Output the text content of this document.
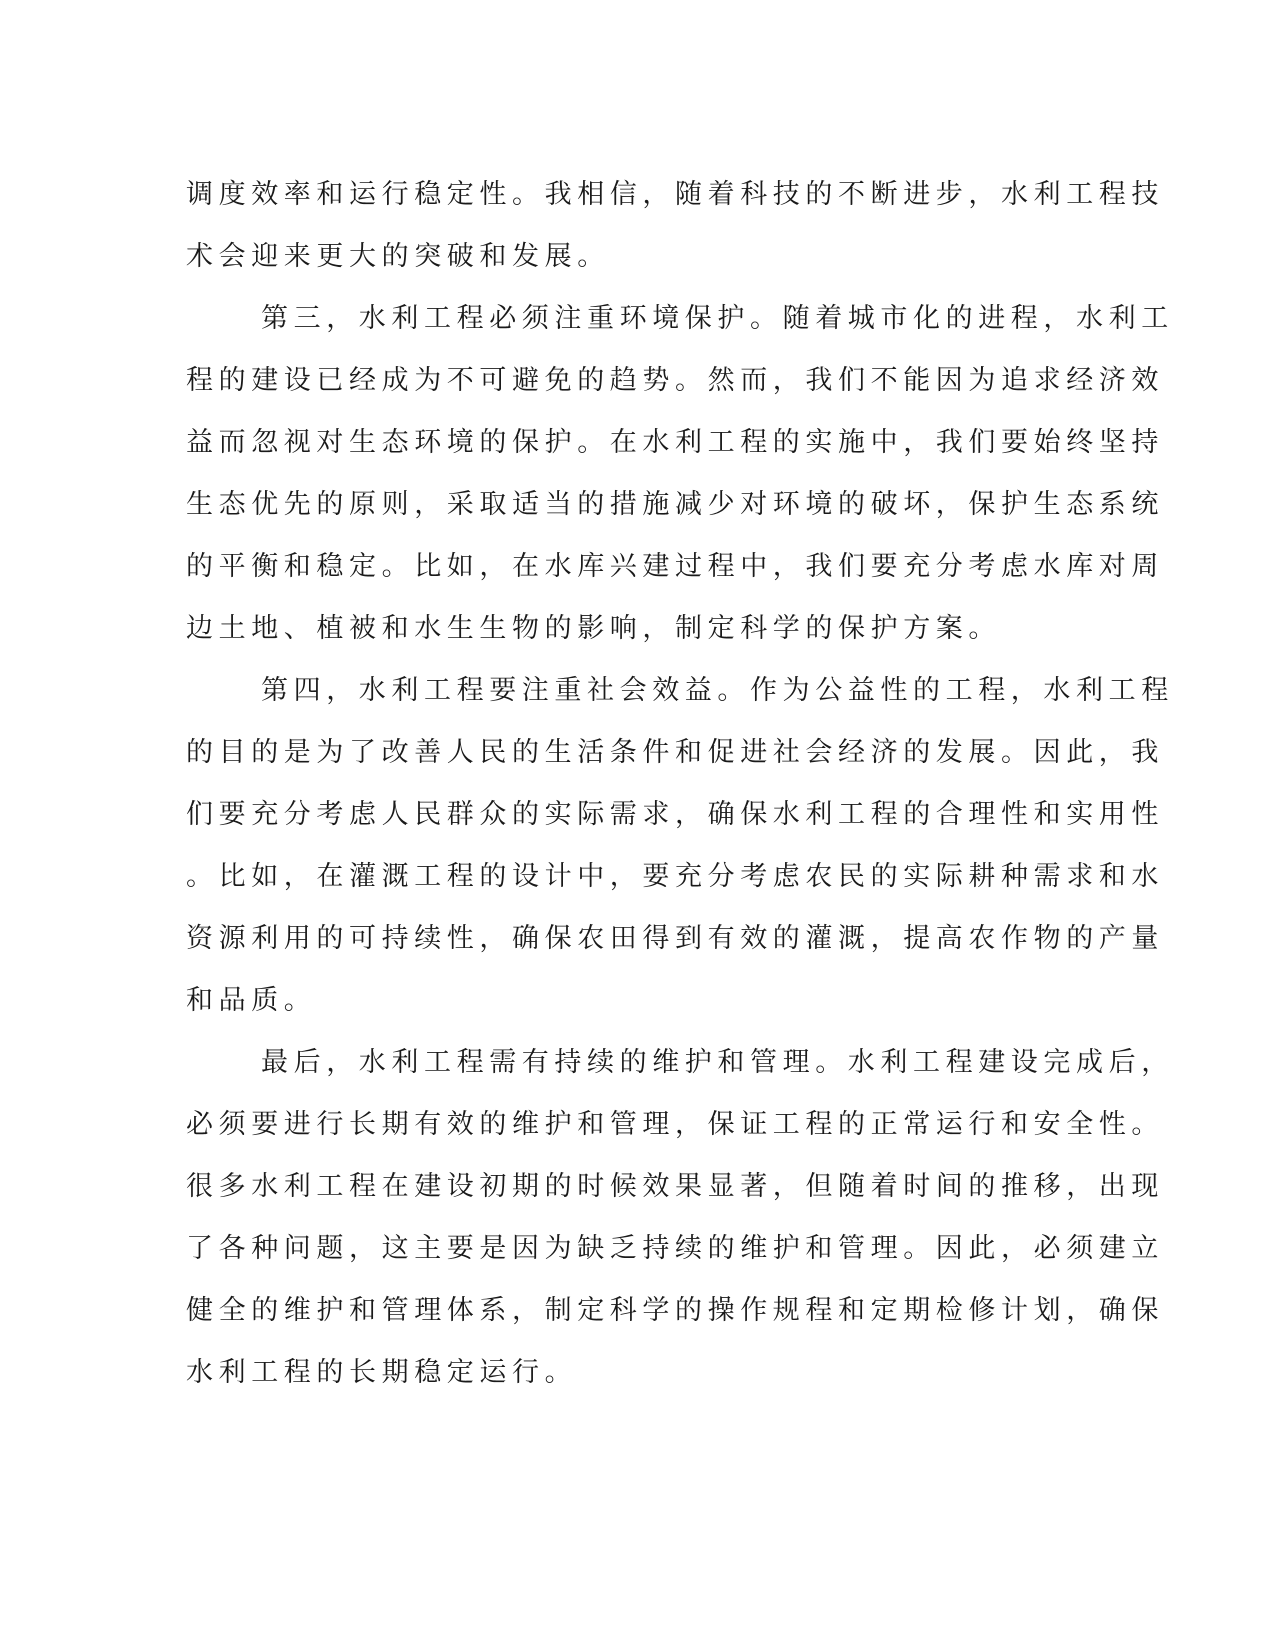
调度效率和运行稳定性。我相信，随着科技的不断进步，水利工程技
术会迎来更大的突破和发展。
第三，水利工程必须注重环境保护。随着城市化的进程，水利工
程的建设已经成为不可避免的趋势。然而，我们不能因为追求经济效
益而忽视对生态环境的保护。在水利工程的实施中，我们要始终坚持
生态优先的原则，采取适当的措施减少对环境的破坏，保护生态系统
的平衡和稳定。比如，在水库兴建过程中，我们要充分考虑水库对周
边土地、植被和水生生物的影响，制定科学的保护方案。
第四，水利工程要注重社会效益。作为公益性的工程，水利工程
的目的是为了改善人民的生活条件和促进社会经济的发展。因此，我
们要充分考虑人民群众的实际需求，确保水利工程的合理性和实用性
。比如，在灌溉工程的设计中，要充分考虑农民的实际耕种需求和水
资源利用的可持续性，确保农田得到有效的灌溉，提高农作物的产量
和品质。
最后，水利工程需有持续的维护和管理。水利工程建设完成后，
必须要进行长期有效的维护和管理，保证工程的正常运行和安全性。
很多水利工程在建设初期的时候效果显著，但随着时间的推移，出现
了各种问题，这主要是因为缺乏持续的维护和管理。因此，必须建立
健全的维护和管理体系，制定科学的操作规程和定期检修计划，确保
水利工程的长期稳定运行。
